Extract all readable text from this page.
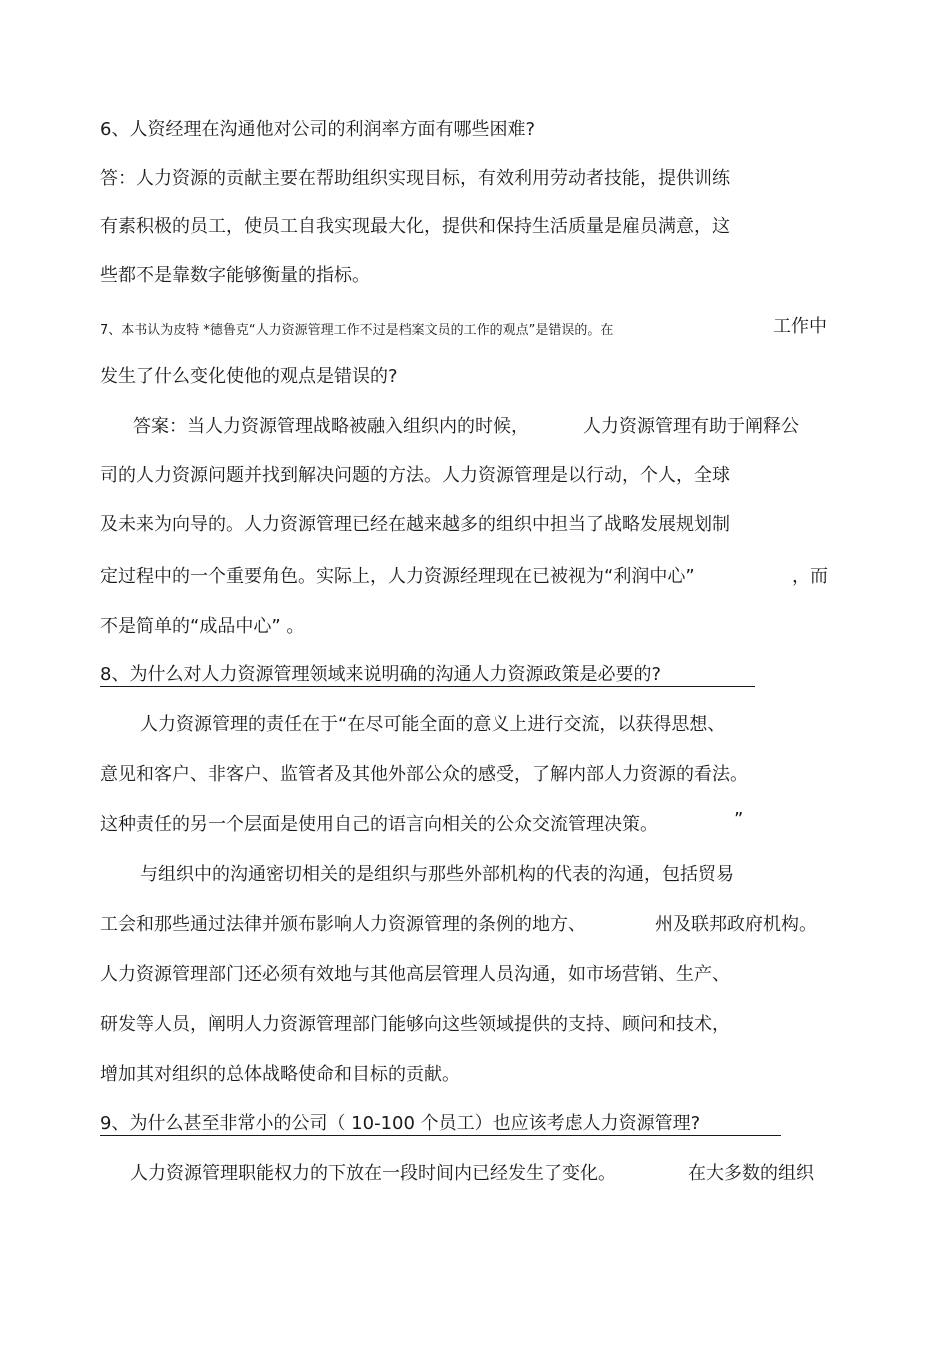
6、人资经理在沟通他对公司的利润率方面有哪些困难?
答：人力资源的贡献主要在帮助组织实现目标，有效利用劳动者技能，提供训练
有素积极的员工，使员工自我实现最大化，提供和保持生活质量是雇员满意，这
些都不是靠数字能够衡量的指标。
7、本书认为皮特 *德鲁克“人力资源管理工作不过是档案文员的工作的观点”是错误的。在	工作中
发生了什么变化使他的观点是错误的?
答案：当人力资源管理战略被融入组织内的时候，	人力资源管理有助于阐释公
司的人力资源问题并找到解决问题的方法。人力资源管理是以行动，个人，全球
及未来为向导的。人力资源管理已经在越来越多的组织中担当了战略发展规划制
定过程中的一个重要角色。实际上，人力资源经理现在已被视为“利润中心”	，而
不是简单的“成品中心” 。
8、为什么对人力资源管理领域来说明确的沟通人力资源政策是必要的?
人力资源管理的责任在于“在尽可能全面的意义上进行交流，以获得思想、
意见和客户、非客户、监管者及其他外部公众的感受，了解内部人力资源的看法。
这种责任的另一个层面是使用自己的语言向相关的公众交流管理决策。	”
与组织中的沟通密切相关的是组织与那些外部机构的代表的沟通，包括贸易
工会和那些通过法律并颁布影响人力资源管理的条例的地方、	州及联邦政府机构。
人力资源管理部门还必须有效地与其他高层管理人员沟通，如市场营销、生产、
研发等人员，阐明人力资源管理部门能够向这些领域提供的支持、顾问和技术，
增加其对组织的总体战略使命和目标的贡献。
9、为什么甚至非常小的公司（ 10-100 个员工）也应该考虑人力资源管理?
人力资源管理职能权力的下放在一段时间内已经发生了变化。	在大多数的组织
